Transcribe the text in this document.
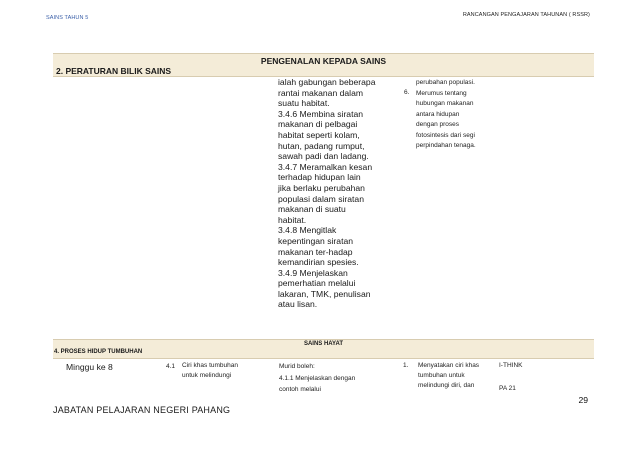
SAINS TAHUN 5	RANCANGAN PENGAJARAN TAHUNAN ( RSSR)
PENGENALAN KEPADA SAINS
2. PERATURAN BILIK SAINS
ialah gabungan beberapa
rantai makanan dalam
suatu habitat.
3.4.6 Membina siratan
makanan di pelbagai
habitat seperti kolam,
hutan, padang rumput,
sawah padi dan ladang.
3.4.7 Meramalkan kesan
terhadap hidupan lain
jika berlaku perubahan
populasi dalam siratan
makanan di suatu
habitat.
3.4.8 Mengitlak
kepentingan siratan
makanan ter-hadap
kemandirian spesies.
3.4.9 Menjelaskan
pemerhatian melalui
lakaran, TMK, penulisan
atau lisan.
6.
perubahan populasi.
Merumus tentang
hubungan makanan
antara hidupan
dengan proses
fotosintesis dari segi
perpindahan tenaga.
SAINS HAYAT
4. PROSES HIDUP TUMBUHAN
Minggu ke 8	4.1 Ciri khas tumbuhan
untuk melindungi
Murid boleh:
4.1.1 Menjelaskan dengan
contoh melalui
1. Menyatakan ciri khas
tumbuhan untuk
melindungi diri, dan
I-THINK
PA 21
29
JABATAN PELAJARAN NEGERI PAHANG
